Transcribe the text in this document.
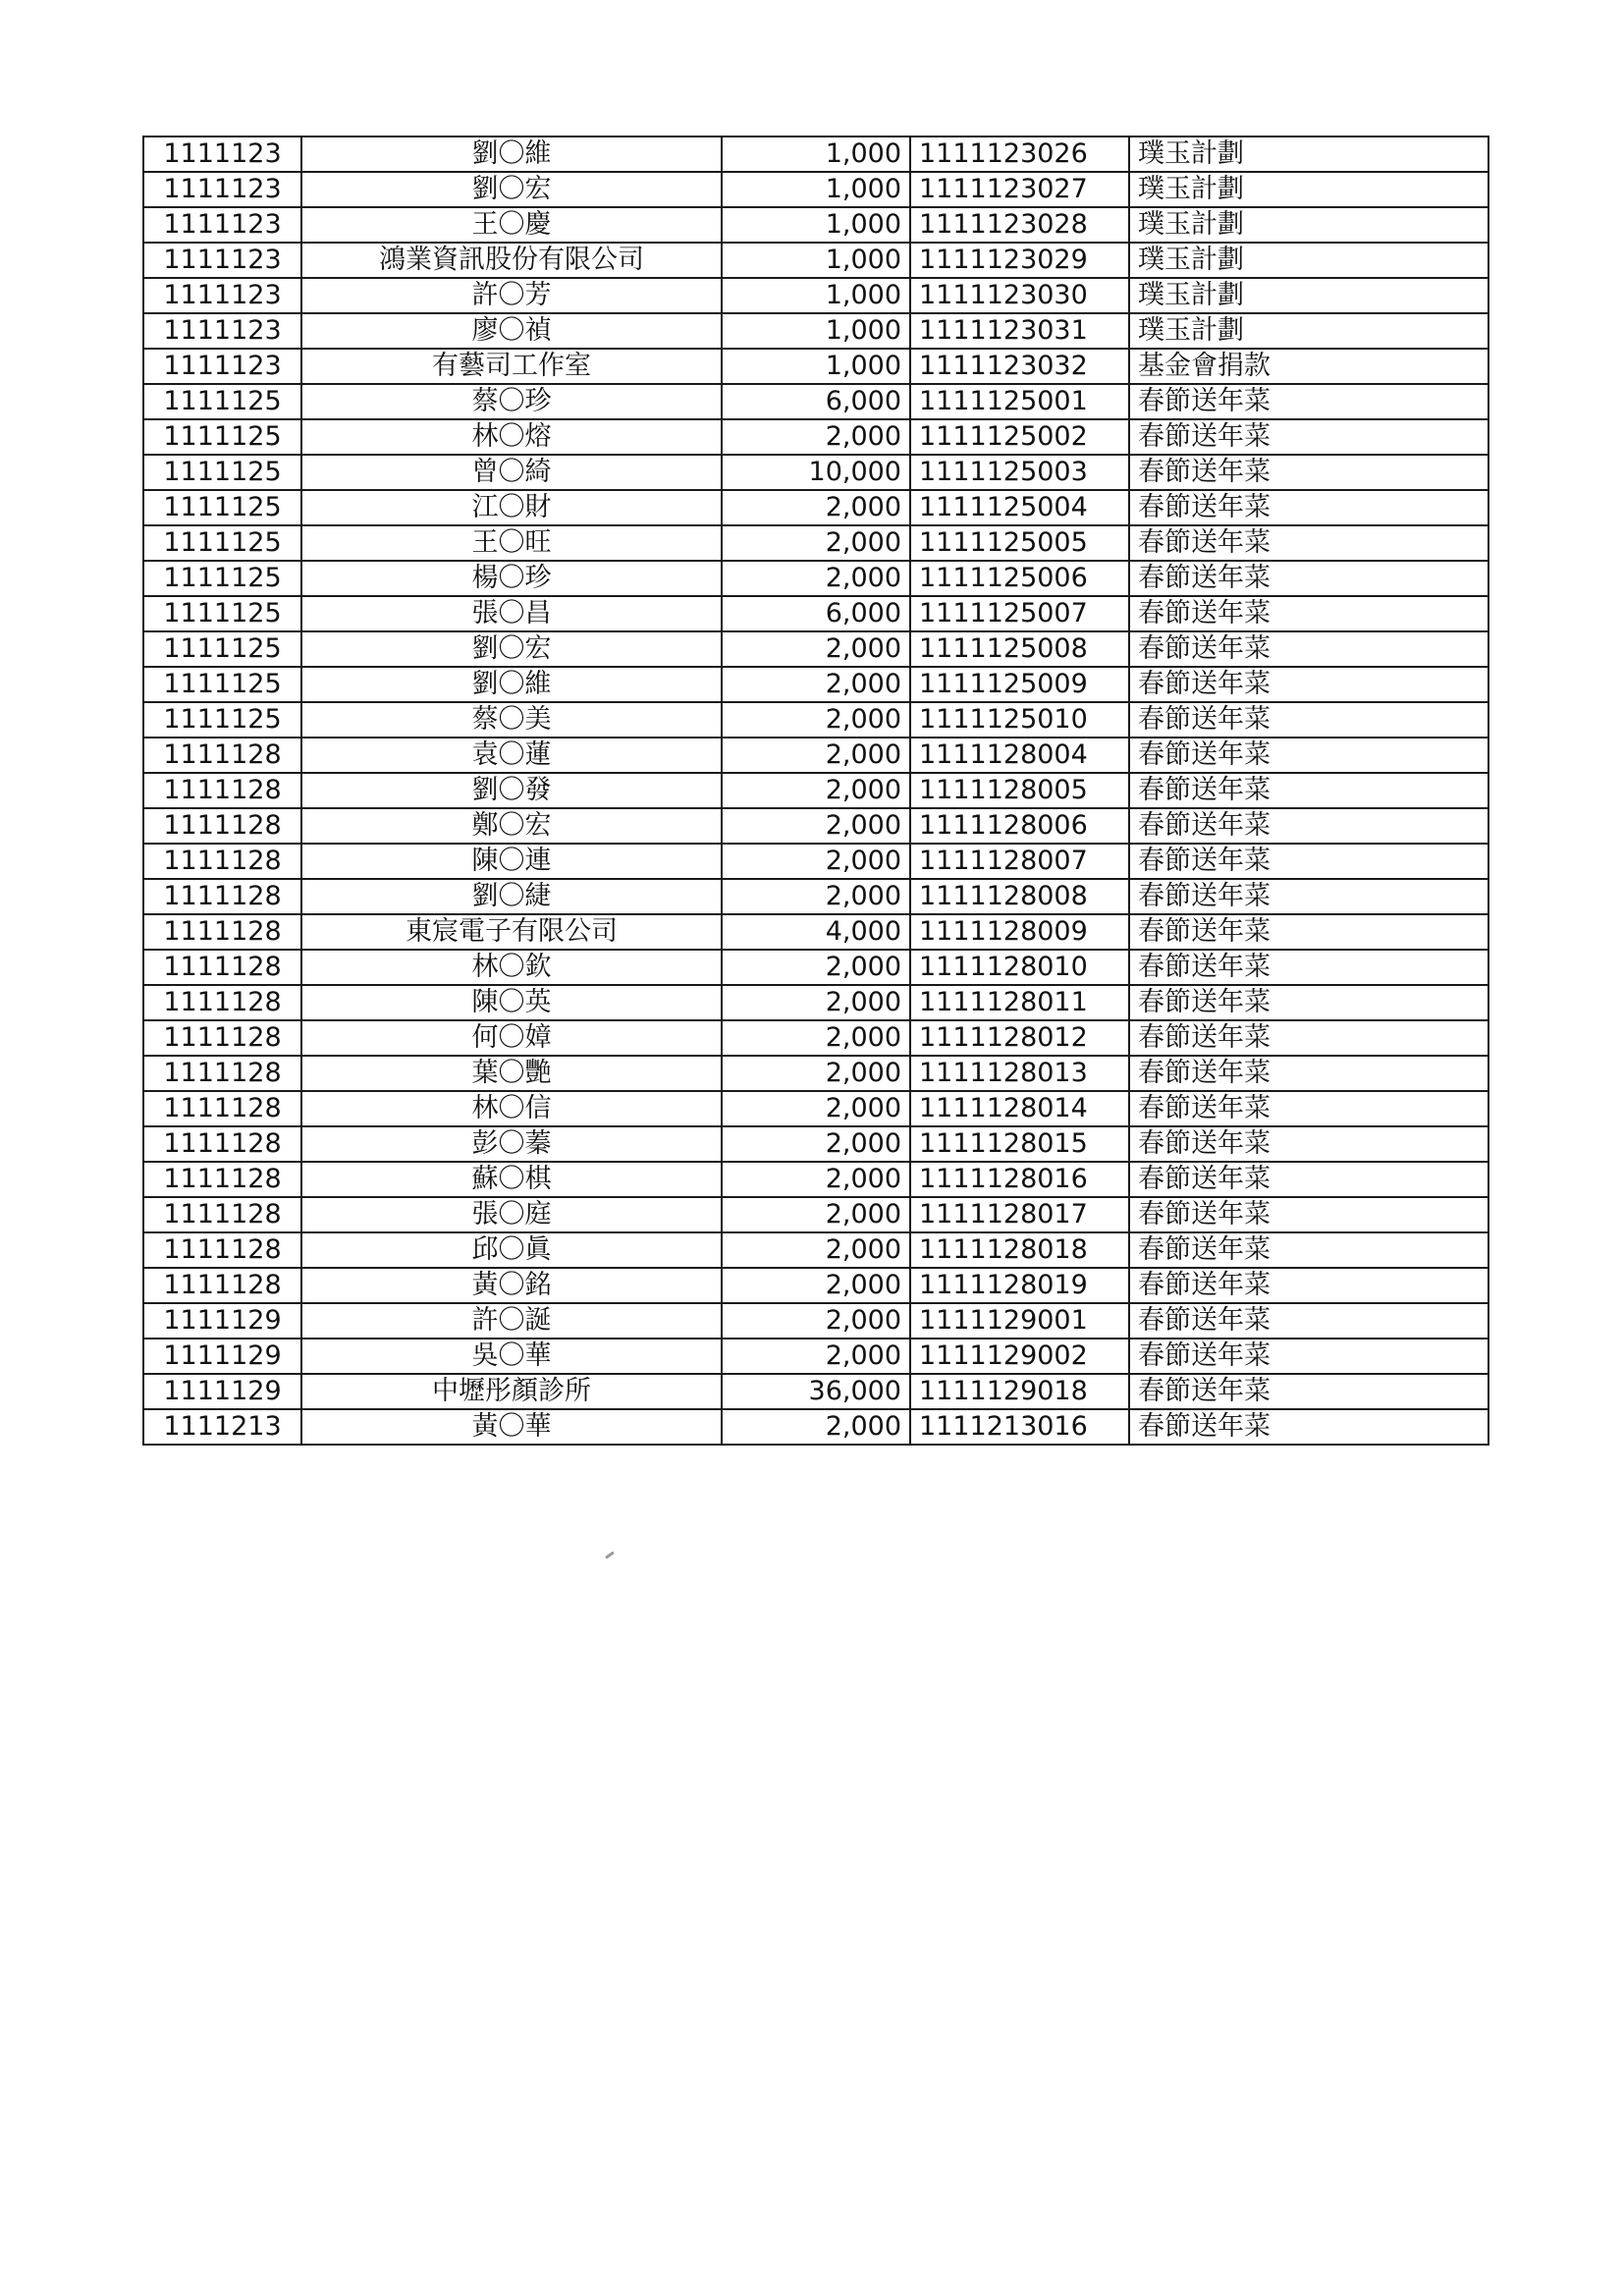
1111123	劉〇維	1,000	1111123026	璞玉計劃
1111123	劉〇宏	1,000	1111123027	璞玉計劃
1111123	王〇慶	1,000	1111123028	璞玉計劃
1111123	鴻業資訊股份有限公司	1,000	1111123029	璞玉計劃
1111123	許〇芳	1,000	1111123030	璞玉計劃
1111123	廖〇禎	1,000	1111123031	璞玉計劃
1111123	有藝司工作室	1,000	1111123032	基金會捐款
1111125	蔡〇珍	6,000	1111125001	春節送年菜
1111125	林〇熔	2,000	1111125002	春節送年菜
1111125	曾〇綺	10,000	1111125003	春節送年菜
1111125	江〇財	2,000	1111125004	春節送年菜
1111125	王〇旺	2,000	1111125005	春節送年菜
1111125	楊〇珍	2,000	1111125006	春節送年菜
1111125	張〇昌	6,000	1111125007	春節送年菜
1111125	劉〇宏	2,000	1111125008	春節送年菜
1111125	劉〇維	2,000	1111125009	春節送年菜
1111125	蔡〇美	2,000	1111125010	春節送年菜
1111128	袁〇蓮	2,000	1111128004	春節送年菜
1111128	劉〇發	2,000	1111128005	春節送年菜
1111128	鄭〇宏	2,000	1111128006	春節送年菜
1111128	陳〇連	2,000	1111128007	春節送年菜
1111128	劉〇緁	2,000	1111128008	春節送年菜
1111128	東宸電子有限公司	4,000	1111128009	春節送年菜
1111128	林〇欽	2,000	1111128010	春節送年菜
1111128	陳〇英	2,000	1111128011	春節送年菜
1111128	何〇嫜	2,000	1111128012	春節送年菜
1111128	葉〇艷	2,000	1111128013	春節送年菜
1111128	林〇信	2,000	1111128014	春節送年菜
1111128	彭〇蓁	2,000	1111128015	春節送年菜
1111128	蘇〇棋	2,000	1111128016	春節送年菜
1111128	張〇庭	2,000	1111128017	春節送年菜
1111128	邱〇眞	2,000	1111128018	春節送年菜
1111128	黃〇銘	2,000	1111128019	春節送年菜
1111129	許〇誕	2,000	1111129001	春節送年菜
1111129	吳〇華	2,000	1111129002	春節送年菜
1111129	中壢彤顏診所	36,000	1111129018	春節送年菜
1111213	黃〇華	2,000	1111213016	春節送年菜
